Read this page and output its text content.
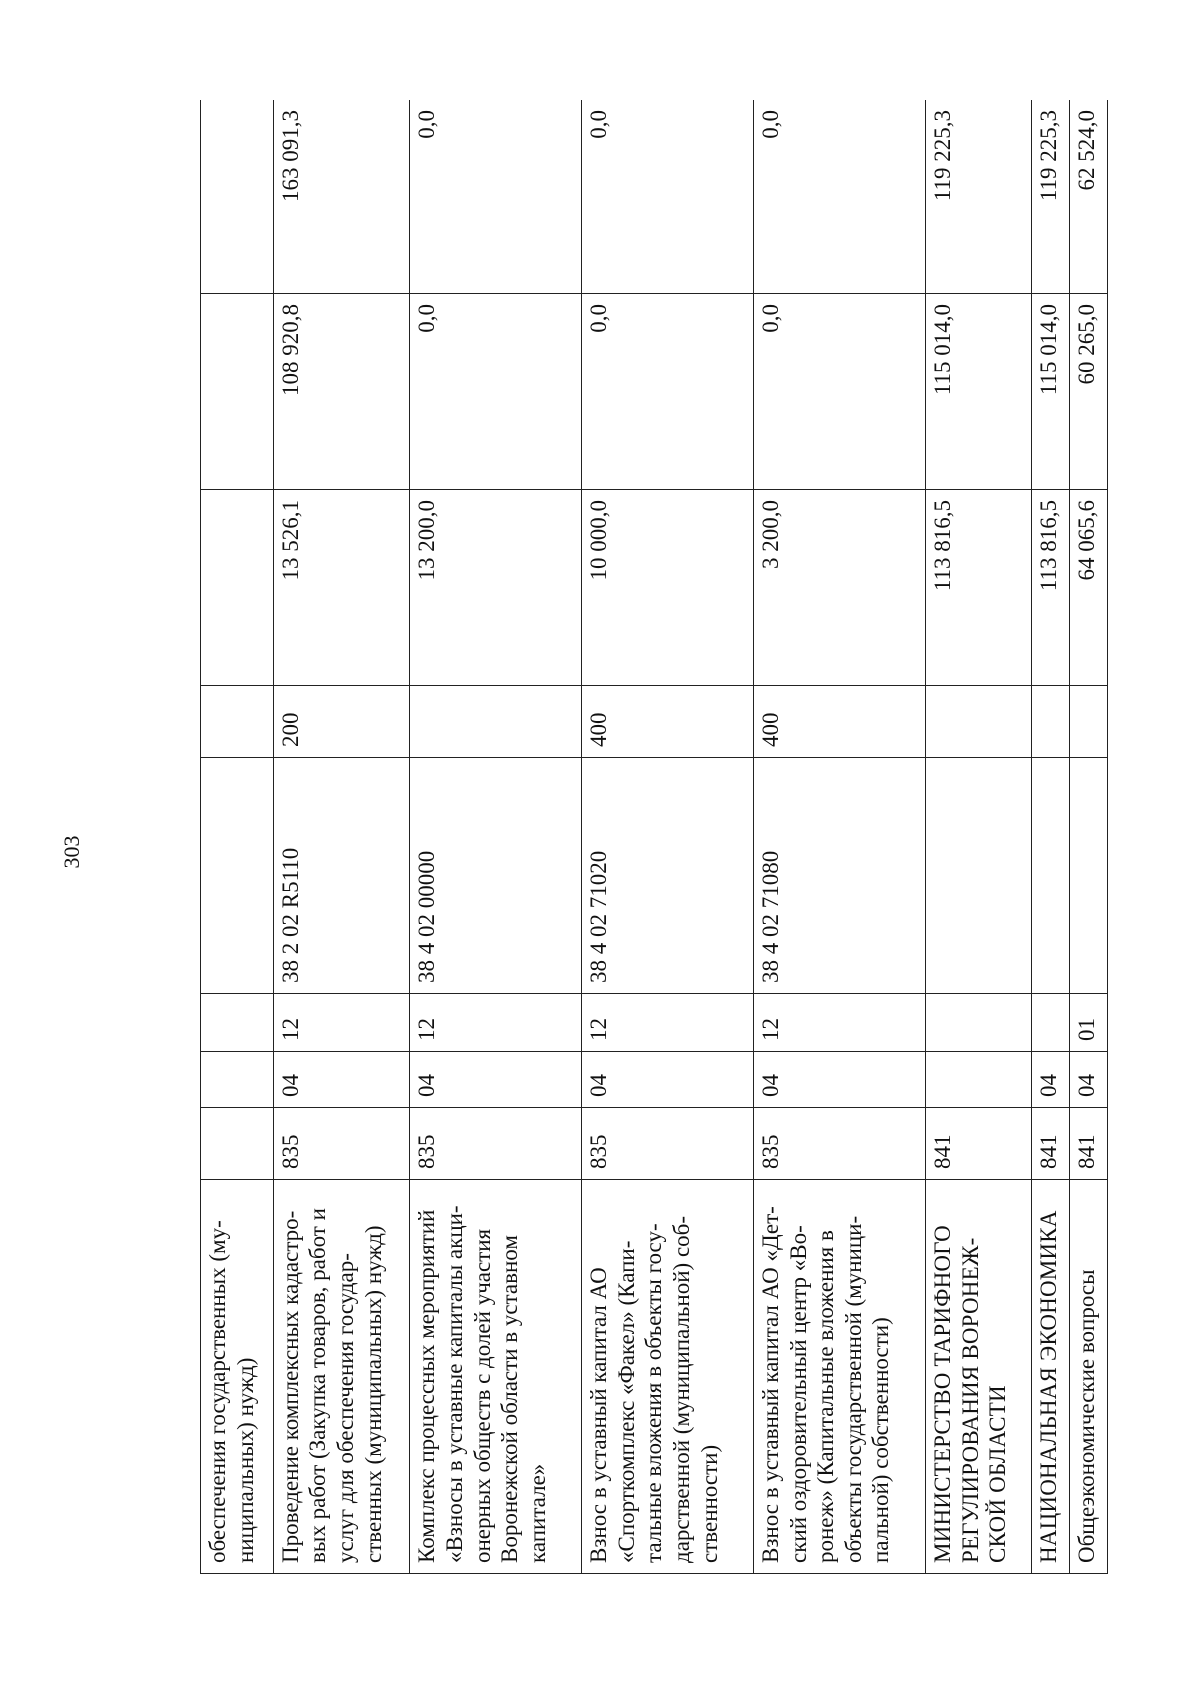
303
обеспечения государственных (му-
ниципальных) нужд)								
Проведение комплексных кадастро-
вых работ (Закупка товаров, работ и
услуг для обеспечения государ-
ственных (муниципальных) нужд)	835	04	12	38 2 02 R5110	200	13 526,1	108 920,8	163 091,3
Комплекс процессных мероприятий
«Взносы в уставные капиталы акци-
онерных обществ с долей участия
Воронежской области в уставном
капитале»	835	04	12	38 4 02 00000		13 200,0	0,0	0,0
Взнос в уставный капитал АО
«Спорткомплекс «Факел» (Капи-
тальные вложения в объекты госу-
дарственной (муниципальной) соб-
ственности)	835	04	12	38 4 02 71020	400	10 000,0	0,0	0,0
Взнос в уставный капитал АО «Дет-
ский оздоровительный центр «Во-
ронеж» (Капитальные вложения в
объекты государственной (муници-
пальной) собственности)	835	04	12	38 4 02 71080	400	3 200,0	0,0	0,0
МИНИСТЕРСТВО ТАРИФНОГО
РЕГУЛИРОВАНИЯ ВОРОНЕЖ-
СКОЙ ОБЛАСТИ	841					113 816,5	115 014,0	119 225,3
НАЦИОНАЛЬНАЯ ЭКОНОМИКА	841	04				113 816,5	115 014,0	119 225,3
Общеэкономические вопросы	841	04	01			64 065,6	60 265,0	62 524,0
